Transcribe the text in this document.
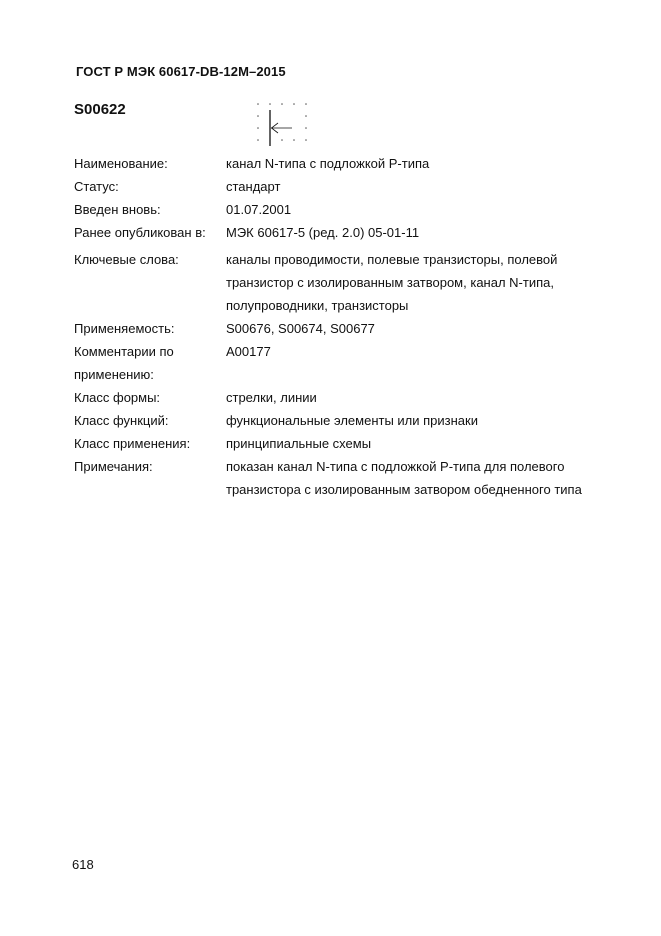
ГОСТ Р МЭК 60617-DB-12M–2015
S00622
Наименование:	канал N-типа с подложкой P-типа
Статус:	стандарт
Введен вновь:	01.07.2001
Ранее опубликован в:	МЭК 60617-5 (ред. 2.0) 05-01-11
Ключевые слова:	каналы проводимости, полевые транзисторы, полевой транзистор с изолированным затвором, канал N-типа, полупроводники, транзисторы
Применяемость:	S00676, S00674, S00677
Комментарии по применению:
A00177
Класс формы:	стрелки, линии
Класс функций:	функциональные элементы или признаки
Класс применения:	принципиальные схемы
Примечания:	показан канал N-типа с подложкой P-типа для полевого транзистора с изолированным затвором обедненного типа
618
